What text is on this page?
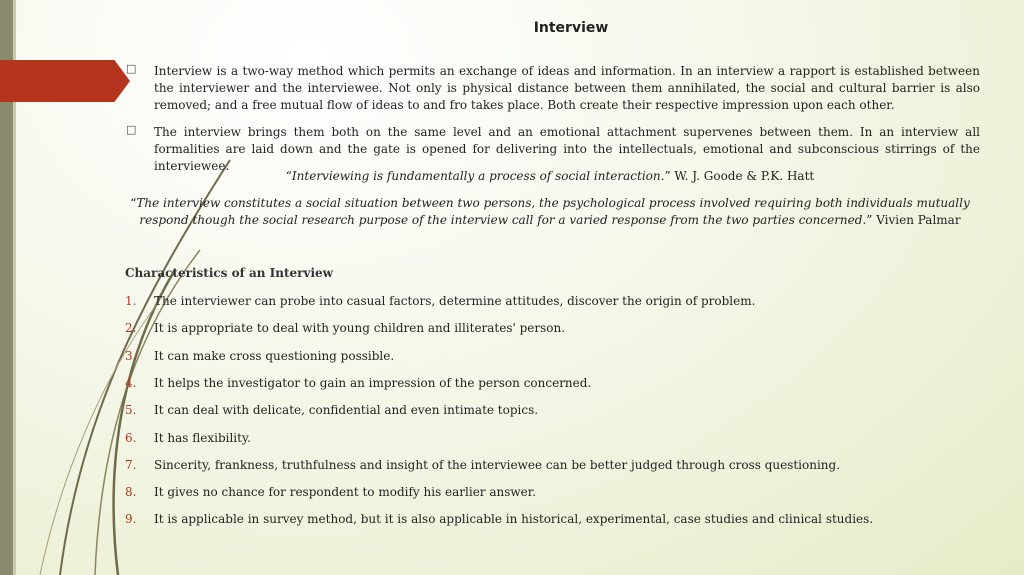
Interview
□ Interview is a two-way method which permits an exchange of ideas and information. In an interview a rapport is established between the interviewer and the interviewee. Not only is physical distance between them annihilated, the social and cultural barrier is also removed; and a free mutual flow of ideas to and fro takes place. Both create their respective impression upon each other.
□ The interview brings them both on the same level and an emotional attachment supervenes between them. In an interview all formalities are laid down and the gate is opened for delivering into the intellectuals, emotional and subconscious stirrings of the interviewee.
“Interviewing is fundamentally a process of social interaction.” W. J. Goode & P.K. Hatt
“The interview constitutes a social situation between two persons, the psychological process involved requiring both individuals mutually respond though the social research purpose of the interview call for a varied response from the two parties concerned.” Vivien Palmar
Characteristics of an Interview
1. The interviewer can probe into casual factors, determine attitudes, discover the origin of problem.
2. It is appropriate to deal with young children and illiterates' person.
3. It can make cross questioning possible.
4. It helps the investigator to gain an impression of the person concerned.
5. It can deal with delicate, confidential and even intimate topics.
6. It has flexibility.
7. Sincerity, frankness, truthfulness and insight of the interviewee can be better judged through cross questioning.
8. It gives no chance for respondent to modify his earlier answer.
9. It is applicable in survey method, but it is also applicable in historical, experimental, case studies and clinical studies.
